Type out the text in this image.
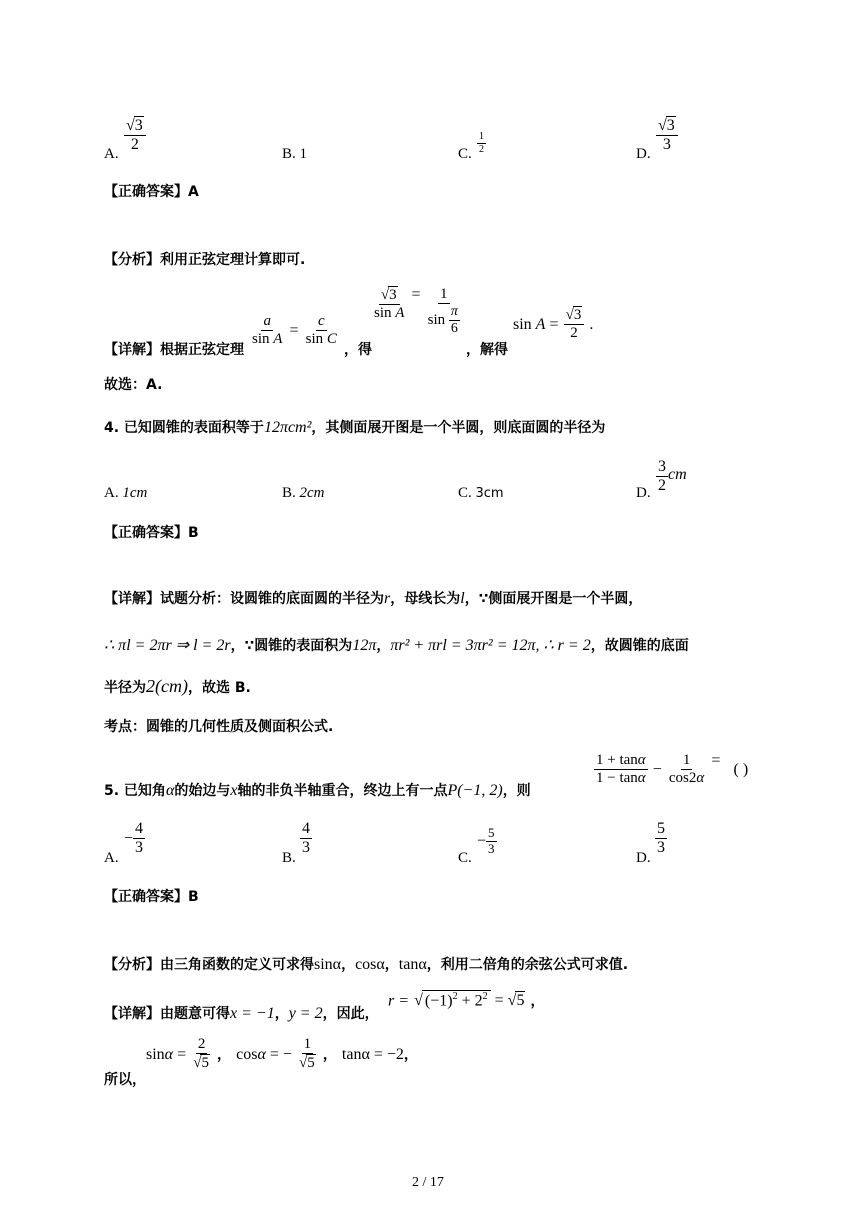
A. $\frac{√3}{2}$	B. 1	C. $\frac{1}{2}$	D. $\frac{√3}{3}$
【正确答案】A
【分析】利用正弦定理计算即可.
【详解】根据正弦定理
$\frac{a}{\text{sin A}} = \frac{c}{\text{sin C}}$
，得
$\frac{√3}{\text{sin A}} = \frac{1}{\sin \frac{\pi}{6}}$
，解得
$\sin A = \frac{√3}{2}$ .
故选：A.
4. 已知圆锥的表面积等于12πcm²，其侧面展开图是一个半圆，则底面圆的半径为
A. 1cm	B. 2cm	C. 3cm	D. $\frac{3}{2}$ cm
【正确答案】B
【详解】试题分析：设圆锥的底面圆的半径为r，母线长为l，∵侧面展开图是一个半圆，
∴ πl = 2πr ⇒ l = 2r，∵圆锥的表面积为12π，πr² + πrl = 3πr² = 12π, ∴ r = 2，故圆锥的底面
半径为2(cm)，故选 B.
考点：圆锥的几何性质及侧面积公式.
5. 已知角α的始边与x轴的非负半轴重合，终边上有一点P(−1, 2)，则
$\frac{1 + \tan\alpha}{1 - \tan\alpha} - \frac{1}{\cos 2\alpha}$ = ( )
A.
− $\frac{4}{3}$
B.
$\frac{4}{3}$
C.
− $\frac{5}{3}$
D.
$\frac{5}{3}$
【正确答案】B
【分析】由三角函数的定义可求得sinα，cosα，tanα，利用二倍角的余弦公式可求值.
【详解】由题意可得x = −1，y = 2，因此，
r = √ $(-1)^2 + 2^2 = √5$ ，
所以，
$\sin\alpha = \frac{2}{√5}$ ， cosα = − $\frac{1}{√5}$ ， tanα = −2，
2 / 17
